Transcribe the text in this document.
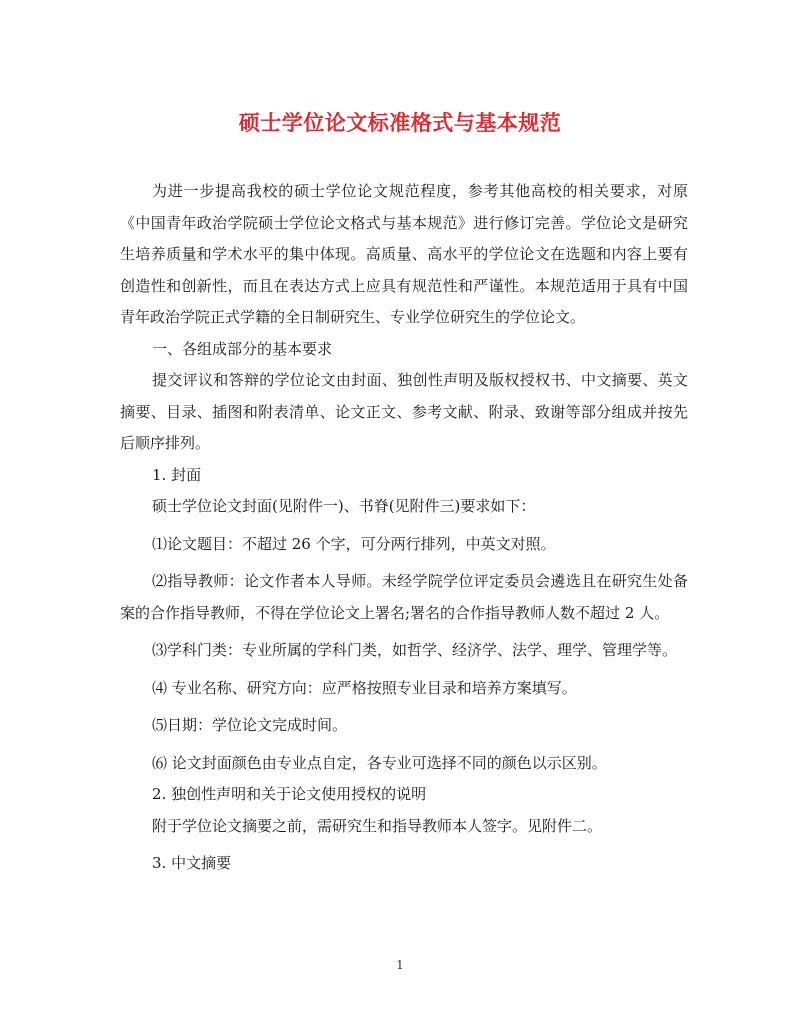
硕士学位论文标准格式与基本规范

为进一步提高我校的硕士学位论文规范程度，参考其他高校的相关要求，对原《中国青年政治学院硕士学位论文格式与基本规范》进行修订完善。学位论文是研究生培养质量和学术水平的集中体现。高质量、高水平的学位论文在选题和内容上要有创造性和创新性，而且在表达方式上应具有规范性和严谨性。本规范适用于具有中国青年政治学院正式学籍的全日制研究生、专业学位研究生的学位论文。

一、各组成部分的基本要求

提交评议和答辩的学位论文由封面、独创性声明及版权授权书、中文摘要、英文摘要、目录、插图和附表清单、论文正文、参考文献、附录、致谢等部分组成并按先后顺序排列。

1. 封面

硕士学位论文封面(见附件一)、书脊(见附件三)要求如下：

⑴论文题目：不超过 26 个字，可分两行排列，中英文对照。

⑵指导教师：论文作者本人导师。未经学院学位评定委员会遴选且在研究生处备案的合作指导教师，不得在学位论文上署名;署名的合作指导教师人数不超过 2 人。

⑶学科门类：专业所属的学科门类，如哲学、经济学、法学、理学、管理学等。

⑷ 专业名称、研究方向：应严格按照专业目录和培养方案填写。

⑸日期：学位论文完成时间。

⑹ 论文封面颜色由专业点自定，各专业可选择不同的颜色以示区别。

2. 独创性声明和关于论文使用授权的说明

附于学位论文摘要之前，需研究生和指导教师本人签字。见附件二。

3. 中文摘要

1
